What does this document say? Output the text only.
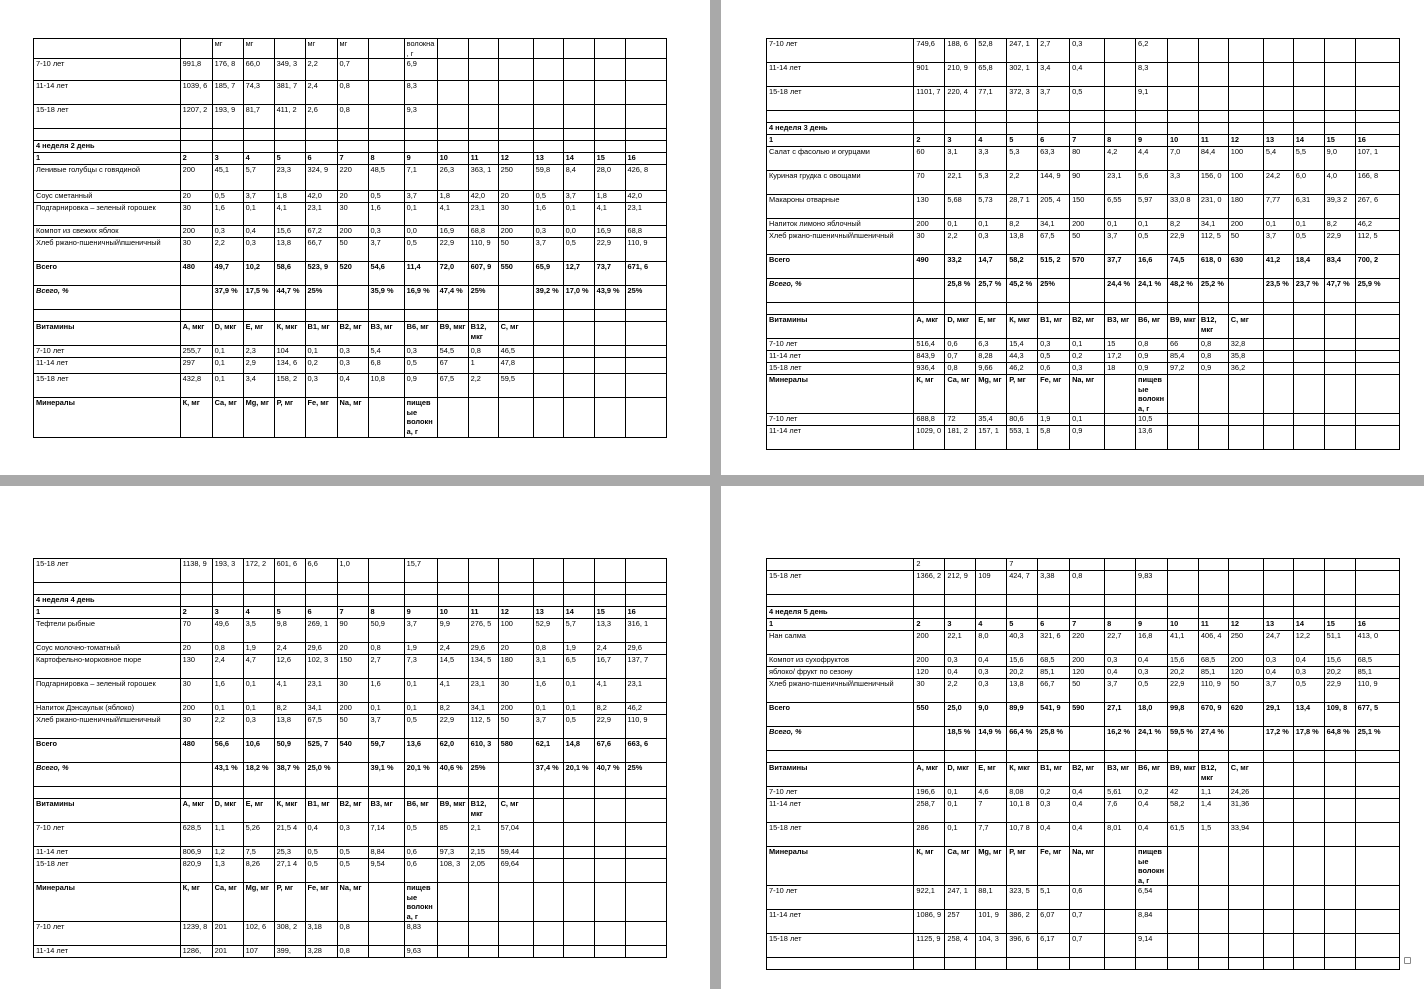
		мг	мг		мг	мг		волокна, г							
7-10 лет	991,8	176, 8	66,0	349, 3	2,2	0,7		6,9							
11-14 лет	1039, 6	185, 7	74,3	381, 7	2,4	0,8		8,3							
15-18 лет	1207, 2	193, 9	81,7	411, 2	2,6	0,8		9,3							

4 неделя 2 день															
1	2	3	4	5	6	7	8	9	10	11	12	13	14	15	16
Ленивые голубцы с говядиной	200	45,1	5,7	23,3	324, 9	220	48,5	7,1	26,3	363, 1	250	59,8	8,4	28,0	426, 8
Соус сметанный	20	0,5	3,7	1,8	42,0	20	0,5	3,7	1,8	42,0	20	0,5	3,7	1,8	42,0
Подгарнировка – зеленый горошек	30	1,6	0,1	4,1	23,1	30	1,6	0,1	4,1	23,1	30	1,6	0,1	4,1	23,1
Компот из свежих яблок	200	0,3	0,4	15,6	67,2	200	0,3	0,0	16,9	68,8	200	0,3	0,0	16,9	68,8
Хлеб ржано-пшеничный\пшеничный	30	2,2	0,3	13,8	66,7	50	3,7	0,5	22,9	110, 9	50	3,7	0,5	22,9	110, 9
Всего	480	49,7	10,2	58,6	523, 9	520	54,6	11,4	72,0	607, 9	550	65,9	12,7	73,7	671, 6
Всего, %		37,9 %	17,5 %	44,7 %	25%		35,9 %	16,9 %	47,4 %	25%		39,2 %	17,0 %	43,9 %	25%

Витамины	А, мкг	D, мкг	Е, мг	К, мкг	В1, мг	В2, мг	В3, мг	В6, мг	В9, мкг	В12, мкг	С, мг				
7-10 лет	255,7	0,1	2,3	104	0,1	0,3	5,4	0,3	54,5	0,8	46,5				
11-14 лет	297	0,1	2,9	134, 6	0,2	0,3	6,8	0,5	67	1	47,8				
15-18 лет	432,8	0,1	3,4	158, 2	0,3	0,4	10,8	0,9	67,5	2,2	59,5				
Минералы	К, мг	Са, мг	Mg, мг	Р, мг	Fe, мг	Na, мг		пищевые волокна, г							
7-10 лет	749,6	188, 6	52,8	247, 1	2,7	0,3		6,2							
11-14 лет	901	210, 9	65,8	302, 1	3,4	0,4		8,3							
15-18 лет	1101, 7	220, 4	77,1	372, 3	3,7	0,5		9,1							

4 неделя 3 день															
1	2	3	4	5	6	7	8	9	10	11	12	13	14	15	16
Салат с фасолью и огурцами	60	3,1	3,3	5,3	63,3	80	4,2	4,4	7,0	84,4	100	5,4	5,5	9,0	107, 1
Куриная грудка с овощами	70	22,1	5,3	2,2	144, 9	90	23,1	5,6	3,3	156, 0	100	24,2	6,0	4,0	166, 8
Макароны отварные	130	5,68	5,73	28,7 1	205, 4	150	6,55	5,97	33,0 8	231, 0	180	7,77	6,31	39,3 2	267, 6
Напиток лимоно яблочный	200	0,1	0,1	8,2	34,1	200	0,1	0,1	8,2	34,1	200	0,1	0,1	8,2	46,2
Хлеб ржано-пшеничный\пшеничный	30	2,2	0,3	13,8	67,5	50	3,7	0,5	22,9	112, 5	50	3,7	0,5	22,9	112, 5
Всего	490	33,2	14,7	58,2	515, 2	570	37,7	16,6	74,5	618, 0	630	41,2	18,4	83,4	700, 2
Всего, %		25,8 %	25,7 %	45,2 %	25%		24,4 %	24,1 %	48,2 %	25,2 %		23,5 %	23,7 %	47,7 %	25,9 %

Витамины	А, мкг	D, мкг	Е, мг	К, мкг	В1, мг	В2, мг	В3, мг	В6, мг	В9, мкг	В12, мкг	С, мг				
7-10 лет	516,4	0,6	6,3	15,4	0,3	0,1	15	0,8	66	0,8	32,8				
11-14 лет	843,9	0,7	8,28	44,3	0,5	0,2	17,2	0,9	85,4	0,8	35,8				
15-18 лет	936,4	0,8	9,66	46,2	0,6	0,3	18	0,9	97,2	0,9	36,2				
Минералы	К, мг	Са, мг	Mg, мг	Р, мг	Fe, мг	Na, мг		пищевые волокна, г							
7-10 лет	688,8	72	35,4	80,6	1,9	0,1		10,5							
11-14 лет	1029, 0	181, 2	157, 1	553, 1	5,8	0,9		13,6							
15-18 лет	1138, 9	193, 3	172, 2	601, 6	6,6	1,0		15,7							

4 неделя 4 день															
1	2	3	4	5	6	7	8	9	10	11	12	13	14	15	16
Тефтели рыбные	70	49,6	3,5	9,8	269, 1	90	50,9	3,7	9,9	276, 5	100	52,9	5,7	13,3	316, 1
Соус молочно-томатный	20	0,8	1,9	2,4	29,6	20	0,8	1,9	2,4	29,6	20	0,8	1,9	2,4	29,6
Картофельно-морковное пюре	130	2,4	4,7	12,6	102, 3	150	2,7	7,3	14,5	134, 5	180	3,1	6,5	16,7	137, 7
Подгарнировка – зеленый горошек	30	1,6	0,1	4,1	23,1	30	1,6	0,1	4,1	23,1	30	1,6	0,1	4,1	23,1
Напиток Дэнсаулык (яблоко)	200	0,1	0,1	8,2	34,1	200	0,1	0,1	8,2	34,1	200	0,1	0,1	8,2	46,2
Хлеб ржано-пшеничный\пшеничный	30	2,2	0,3	13,8	67,5	50	3,7	0,5	22,9	112, 5	50	3,7	0,5	22,9	110, 9
Всего	480	56,6	10,6	50,9	525, 7	540	59,7	13,6	62,0	610, 3	580	62,1	14,8	67,6	663, 6
Всего, %		43,1 %	18,2 %	38,7 %	25,0 %		39,1 %	20,1 %	40,6 %	25%		37,4 %	20,1 %	40,7 %	25%

Витамины	А, мкг	D, мкг	Е, мг	К, мкг	В1, мг	В2, мг	В3, мг	В6, мг	В9, мкг	В12, мкг	С, мг				
7-10 лет	628,5	1,1	5,26	21,5 4	0,4	0,3	7,14	0,5	85	2,1	57,04				
11-14 лет	806,9	1,2	7,5	25,3	0,5	0,5	8,84	0,6	97,3	2,15	59,44				
15-18 лет	820,9	1,3	8,26	27,1 4	0,5	0,5	9,54	0,6	108, 3	2,05	69,64				
Минералы	К, мг	Са, мг	Mg, мг	Р, мг	Fe, мг	Na, мг		пищевые волокна, г							
7-10 лет	1239, 8	201	102, 6	308, 2	3,18	0,8		8,83							
11-14 лет	1286,	201	107	399,	3,28	0,8		9,63							
	2			7											
15-18 лет	1366, 2	212, 9	109	424, 7	3,38	0,8		9,83							

4 неделя 5 день															
1	2	3	4	5	6	7	8	9	10	11	12	13	14	15	16
Нан салма	200	22,1	8,0	40,3	321, 6	220	22,7	16,8	41,1	406, 4	250	24,7	12,2	51,1	413, 0
Компот из сухофруктов	200	0,3	0,4	15,6	68,5	200	0,3	0,4	15,6	68,5	200	0,3	0,4	15,6	68,5
яблоко/ фрукт по сезону	120	0,4	0,3	20,2	85,1	120	0,4	0,3	20,2	85,1	120	0,4	0,3	20,2	85,1
Хлеб ржано-пшеничный\пшеничный	30	2,2	0,3	13,8	66,7	50	3,7	0,5	22,9	110, 9	50	3,7	0,5	22,9	110, 9
Всего	550	25,0	9,0	89,9	541, 9	590	27,1	18,0	99,8	670, 9	620	29,1	13,4	109, 8	677, 5
Всего, %		18,5 %	14,9 %	66,4 %	25,8 %		16,2 %	24,1 %	59,5 %	27,4 %		17,2 %	17,8 %	64,8 %	25,1 %

Витамины	А, мкг	D, мкг	Е, мг	К, мкг	В1, мг	В2, мг	В3, мг	В6, мг	В9, мкг	В12, мкг	С, мг				
7-10 лет	196,6	0,1	4,6	8,08	0,2	0,4	5,61	0,2	42	1,1	24,26				
11-14 лет	258,7	0,1	7	10,1 8	0,3	0,4	7,6	0,4	58,2	1,4	31,36				
15-18 лет	286	0,1	7,7	10,7 8	0,4	0,4	8,01	0,4	61,5	1,5	33,94				
Минералы	К, мг	Са, мг	Mg, мг	Р, мг	Fe, мг	Na, мг		пищевые волокна, г							
7-10 лет	922,1	247, 1	88,1	323, 5	5,1	0,6		6,54							
11-14 лет	1086, 9	257	101, 9	386, 2	6,07	0,7		8,84							
15-18 лет	1125, 9	258, 4	104, 3	396, 6	6,17	0,7		9,14							
